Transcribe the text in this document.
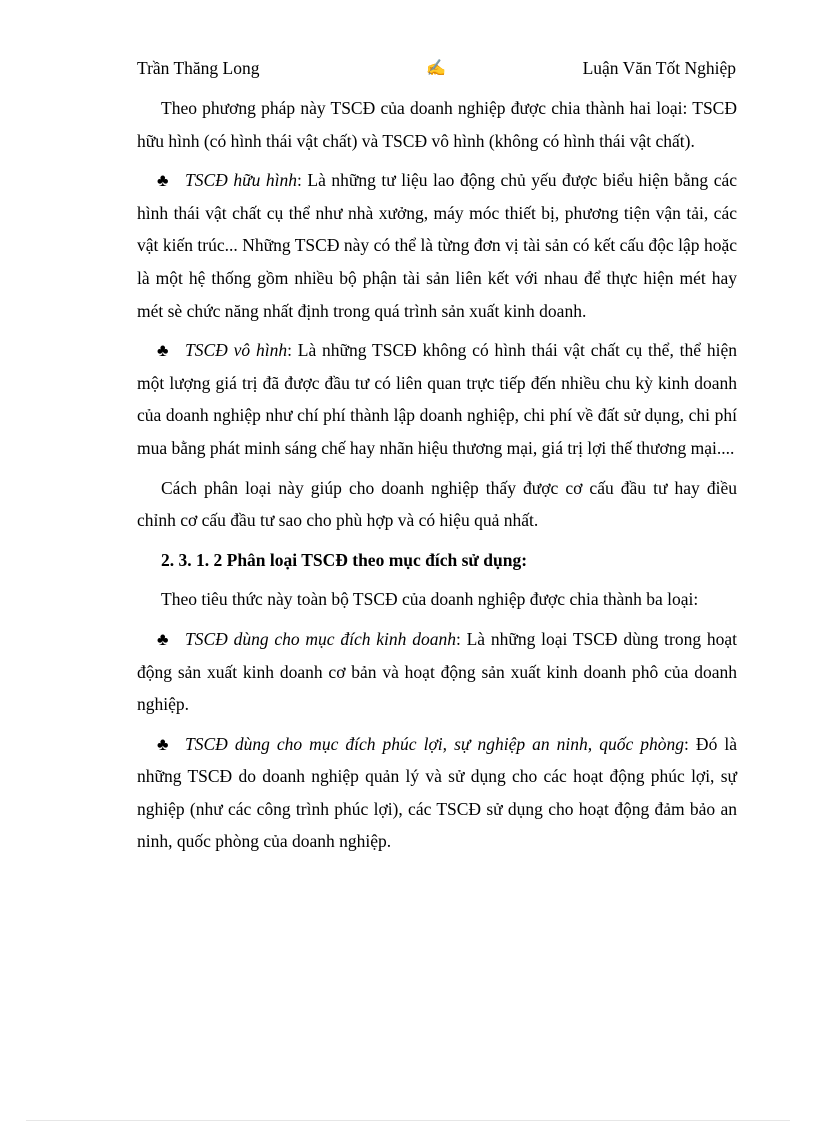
Trần Thăng Long	✍	Luận Văn Tốt Nghiệp

Theo phương pháp này TSCĐ của doanh nghiệp được chia thành hai loại: TSCĐ hữu hình (có hình thái vật chất) và TSCĐ vô hình (không có hình thái vật chất).

♣ TSCĐ hữu hình: Là những tư liệu lao động chủ yếu được biểu hiện bằng các hình thái vật chất cụ thể như nhà xưởng, máy móc thiết bị, phương tiện vận tải, các vật kiến trúc... Những TSCĐ này có thể là từng đơn vị tài sản có kết cấu độc lập hoặc là một hệ thống gồm nhiều bộ phận tài sản liên kết với nhau để thực hiện mét hay mét sè chức năng nhất định trong quá trình sản xuất kinh doanh.

♣ TSCĐ vô hình: Là những TSCĐ không có hình thái vật chất cụ thể, thể hiện một lượng giá trị đã được đầu tư có liên quan trực tiếp đến nhiều chu kỳ kinh doanh của doanh nghiệp như chí phí thành lập doanh nghiệp, chi phí về đất sử dụng, chi phí mua bằng phát minh sáng chế hay nhãn hiệu thương mại, giá trị lợi thế thương mại....

Cách phân loại này giúp cho doanh nghiệp thấy được cơ cấu đầu tư hay điều chỉnh cơ cấu đầu tư sao cho phù hợp và có hiệu quả nhất.

2. 3. 1. 2 Phân loại TSCĐ theo mục đích sử dụng:

Theo tiêu thức này toàn bộ TSCĐ của doanh nghiệp được chia thành ba loại:

♣ TSCĐ dùng cho mục đích kinh doanh: Là những loại TSCĐ dùng trong hoạt động sản xuất kinh doanh cơ bản và hoạt động sản xuất kinh doanh phô của doanh nghiệp.

♣ TSCĐ dùng cho mục đích phúc lợi, sự nghiệp an ninh, quốc phòng: Đó là những TSCĐ do doanh nghiệp quản lý và sử dụng cho các hoạt động phúc lợi, sự nghiệp (như các công trình phúc lợi), các TSCĐ sử dụng cho hoạt động đảm bảo an ninh, quốc phòng của doanh nghiệp.
